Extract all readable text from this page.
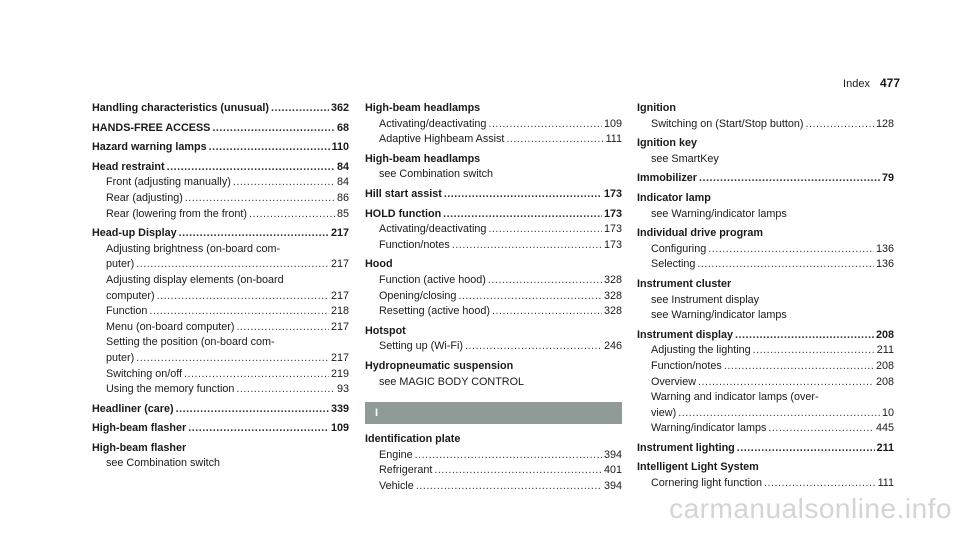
Index 477
Handling characteristics (unusual) .....	362
HANDS-FREE ACCESS .....	68
Hazard warning lamps .....	110
Head restraint .....	84
Front (adjusting manually) .....	84
Rear (adjusting) .....	86
Rear (lowering from the front) .....	85
Head-up Display .....	217
Adjusting brightness (on-board com-
puter) .....	217
Adjusting display elements (on-board
computer) .....	217
Function .....	218
Menu (on-board computer) .....	217
Setting the position (on-board com-
puter) .....	217
Switching on/off .....	219
Using the memory function .....	93
Headliner (care) .....	339
High-beam flasher .....	109
High-beam flasher
see Combination switch
High-beam headlamps
Activating/deactivating .....	109
Adaptive Highbeam Assist .....	111
High-beam headlamps
see Combination switch
Hill start assist .....	173
HOLD function .....	173
Activating/deactivating .....	173
Function/notes .....	173
Hood
Function (active hood) .....	328
Opening/closing .....	328
Resetting (active hood) .....	328
Hotspot
Setting up (Wi-Fi) .....	246
Hydropneumatic suspension
see MAGIC BODY CONTROL
I
Identification plate
Engine .....	394
Refrigerant .....	401
Vehicle .....	394
Ignition
Switching on (Start/Stop button) .....	128
Ignition key
see SmartKey
Immobilizer .....	79
Indicator lamp
see Warning/indicator lamps
Individual drive program
Configuring .....	136
Selecting .....	136
Instrument cluster
see Instrument display
see Warning/indicator lamps
Instrument display .....	208
Adjusting the lighting .....	211
Function/notes .....	208
Overview .....	208
Warning and indicator lamps (over-
view) .....	10
Warning/indicator lamps .....	445
Instrument lighting .....	211
Intelligent Light System
Cornering light function .....	111
carmanualsonline.info
